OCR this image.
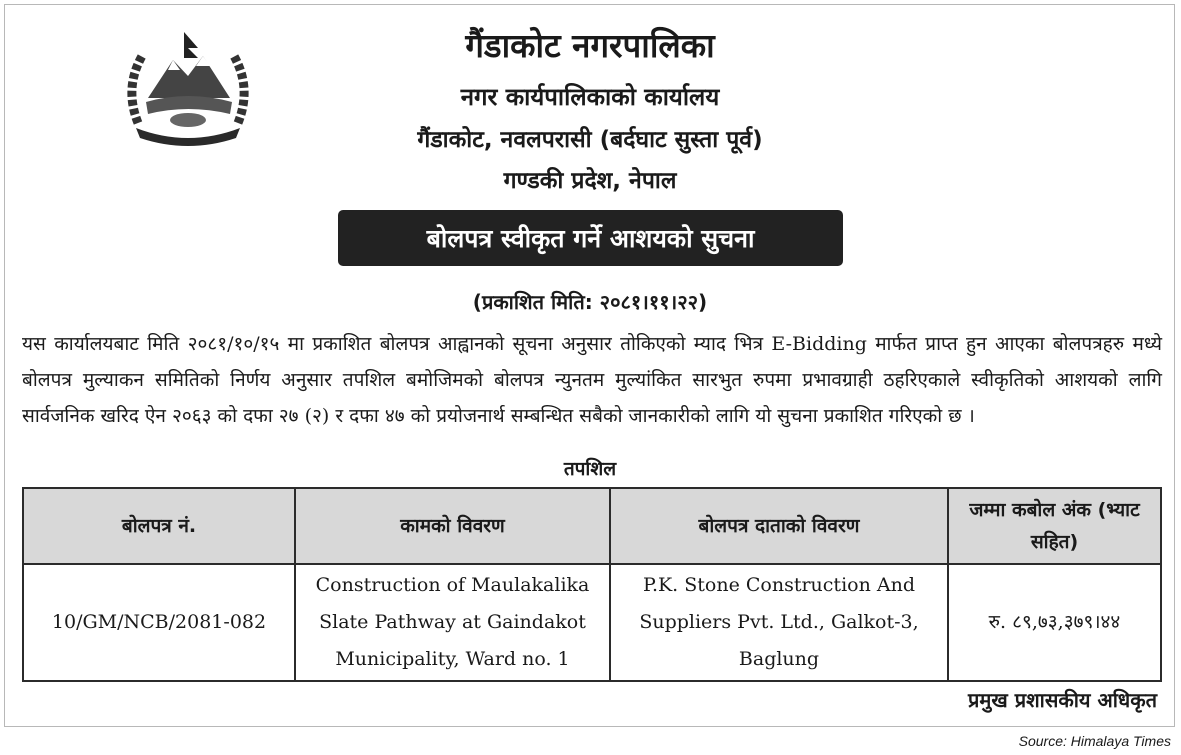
गैंडाकोट नगरपालिका
नगर कार्यपालिकाको कार्यालय
गैंडाकोट, नवलपरासी (बर्दघाट सुस्ता पूर्व)
गण्डकी प्रदेश, नेपाल
बोलपत्र स्वीकृत गर्ने आशयको सुचना
(प्रकाशित मिति: २०८१।११।२२)
यस कार्यालयबाट मिति २०८१/१०/१५ मा प्रकाशित बोलपत्र आह्वानको सूचना अनुसार तोकिएको म्याद भित्र E-Bidding मार्फत प्राप्त हुन आएका बोलपत्रहरु मध्ये बोलपत्र मुल्याकन समितिको निर्णय अनुसार तपशिल बमोजिमको बोलपत्र न्युनतम मुल्यांकित सारभुत रुपमा प्रभावग्राही ठहरिएकाले स्वीकृतिको आशयको लागि सार्वजनिक खरिद ऐन २०६३ को दफा २७ (२) र दफा ४७ को प्रयोजनार्थ सम्बन्धित सबैको जानकारीको लागि यो सुचना प्रकाशित गरिएको छ ।
तपशिल
बोलपत्र नं.	कामको विवरण	बोलपत्र दाताको विवरण	जम्मा कबोल अंक (भ्याट सहित)
10/GM/NCB/2081-082	Construction of Maulakalika Slate Pathway at Gaindakot Municipality, Ward no. 1	P.K. Stone Construction And Suppliers Pvt. Ltd., Galkot-3, Baglung	रु. ८९,७३,३७९।४४
प्रमुख प्रशासकीय अधिकृत
Source: Himalaya Times
